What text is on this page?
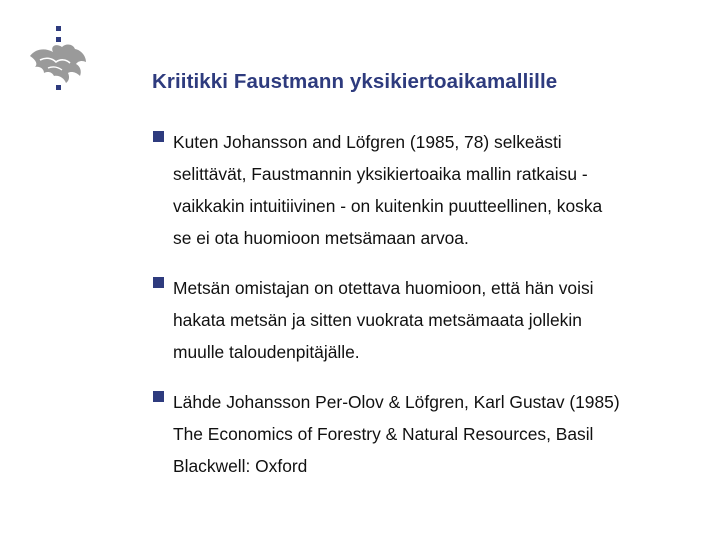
Kriitikki Faustmann yksikiertoaikamallille
Kuten Johansson and Löfgren (1985, 78) selkeästi
selittävät, Faustmannin yksikiertoaika mallin ratkaisu -
vaikkakin intuitiivinen - on kuitenkin puutteellinen, koska
se ei ota huomioon metsämaan arvoa.
Metsän omistajan on otettava huomioon, että hän voisi
hakata metsän ja sitten vuokrata metsämaata jollekin
muulle taloudenpitäjälle.
Lähde Johansson Per-Olov & Löfgren, Karl Gustav (1985)
The Economics of Forestry & Natural Resources, Basil
Blackwell: Oxford
